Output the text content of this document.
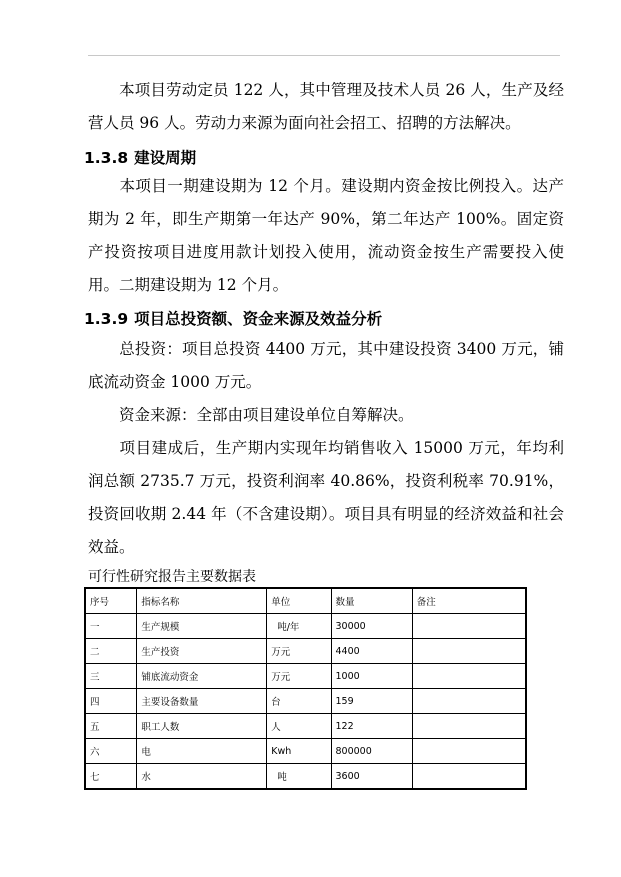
本项目劳动定员 122 人，其中管理及技术人员 26 人，生产及经营人员 96 人。劳动力来源为面向社会招工、招聘的方法解决。

1.3.8 建设周期

本项目一期建设期为 12 个月。建设期内资金按比例投入。达产期为 2 年，即生产期第一年达产 90%，第二年达产 100%。固定资产投资按项目进度用款计划投入使用，流动资金按生产需要投入使用。二期建设期为 12 个月。

1.3.9 项目总投资额、资金来源及效益分析

总投资：项目总投资 4400 万元，其中建设投资 3400 万元，铺底流动资金 1000 万元。

资金来源：全部由项目建设单位自筹解决。

项目建成后，生产期内实现年均销售收入 15000 万元，年均利润总额 2735.7 万元，投资利润率 40.86%，投资利税率 70.91%，投资回收期 2.44 年（不含建设期）。项目具有明显的经济效益和社会效益。

可行性研究报告主要数据表

序号	指标名称	单位	数量	备注
一	生产规模	吨/年	30000	
二	生产投资	万元	4400	
三	铺底流动资金	万元	1000	
四	主要设备数量	台	159	
五	职工人数	人	122	
六	电	Kwh	800000	
七	水	吨	3600	
